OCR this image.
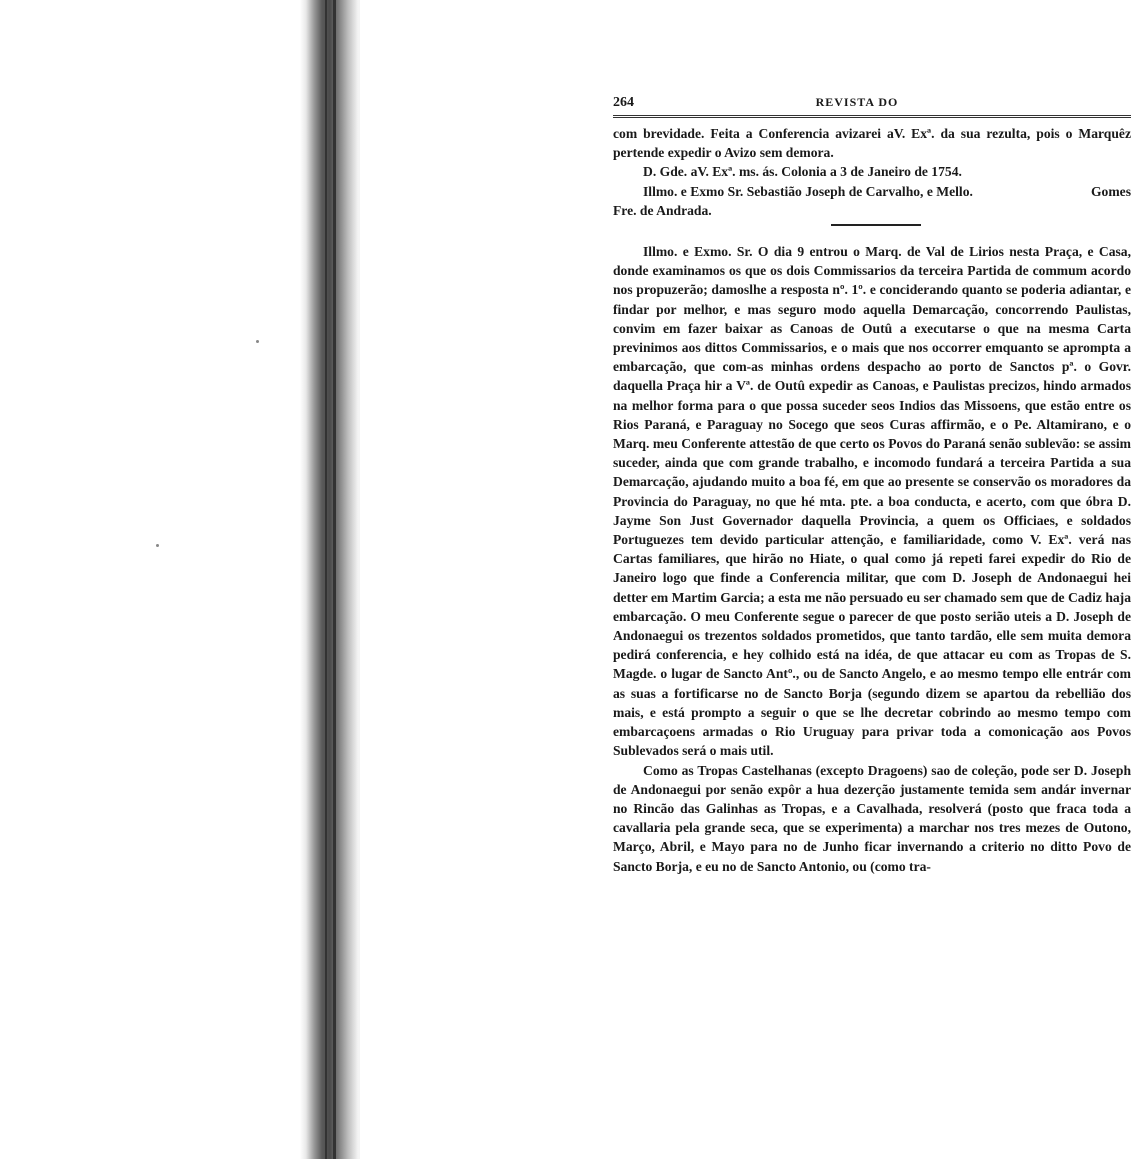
264	REVISTA DO

com brevidade. Feita a Conferencia avizarei aV. Exª. da sua rezulta, pois o Marquêz pertende expedir o Avizo sem demora.

D. Gde. aV. Exª. ms. ás. Colonia a 3 de Janeiro de 1754.

Illmo. e Exmo Sr. Sebastião Joseph de Carvalho, e Mello.	Gomes

Fre. de Andrada.

Illmo. e Exmo. Sr. O dia 9 entrou o Marq. de Val de Lirios nesta Praça, e Casa, donde examinamos os que os dois Commissarios da terceira Partida de commum acordo nos propuzerão; damoslhe a resposta nº. 1º. e conciderando quanto se poderia adiantar, e findar por melhor, e mas seguro modo aquella Demarcação, concorrendo Paulistas, convim em fazer baixar as Canoas de Outû a executarse o que na mesma Carta previnimos aos dittos Commissarios, e o mais que nos occorrer emquanto se apromptа a embarcação, que com-as minhas ordens despacho ao porto de Sanctos pª. o Govr. daquella Praça hir a Vª. de Outû expedir as Canoas, e Paulistas precizos, hindo armados na melhor forma para o que possa suceder seos Indios das Missoens, que estão entre os Rios Paraná, e Paraguay no Socego que seos Curas affirmão, e o Pe. Altamirano, e o Marq. meu Conferente attestão de que certo os Povos do Paraná senão sublevão: se assim suceder, ainda que com grande trabalho, e incomodo fundará a terceira Partida a sua Demarcação, ajudando muito a boa fé, em que ao presente se conservão os moradores da Provincia do Paraguay, no que hé mta. pte. a boa conducta, e acerto, com que óbra D. Jayme Son Just Governador daquella Provincia, a quem os Officiaes, e soldados Portuguezes tem devido particular attenção, e familiaridade, como V. Exª. verá nas Cartas familiares, que hirão no Hiate, o qual como já repeti farei expedir do Rio de Janeiro logo que finde a Conferencia militar, que com D. Joseph de Andonaegui hei detter em Martim Garcia; a esta me não persuado eu ser chamado sem que de Cadiz haja embarcação. O meu Conferente segue o parecer de que posto serião uteis a D. Joseph de Andonaegui os trezentos soldados prometidos, que tanto tardão, elle sem muita demora pedirá conferencia, e hey colhido está na idéa, de que attacar eu com as Tropas de S. Magde. o lugar de Sancto Antº., ou de Sancto Angelo, e ao mesmo tempo elle entrár com as suas a fortificarse no de Sancto Borja (segundo dizem se apartou da rebellião dos mais, e está prompto a seguir o que se lhe decretar cobrindo ao mesmo tempo com embarcaçoens armadas o Rio Uruguay para privar toda a comonicação aos Povos Sublevados será o mais util.

Como as Tropas Castelhanas (excepto Dragoens) sao de coleção, pode ser D. Joseph de Andonaegui por senão expôr a hua dezerção justamente temida sem andár invernar no Rincão das Galinhas as Tropas, e a Cavalhada, resolverá (posto que fraca toda a cavallaria pela grande seca, que se experimenta) a marchar nos tres mezes de Outono, Março, Abril, e Mayo para no de Junho ficar invernando a criterio no ditto Povo de Sancto Borja, e eu no de Sancto Antonio, ou (como tra-
